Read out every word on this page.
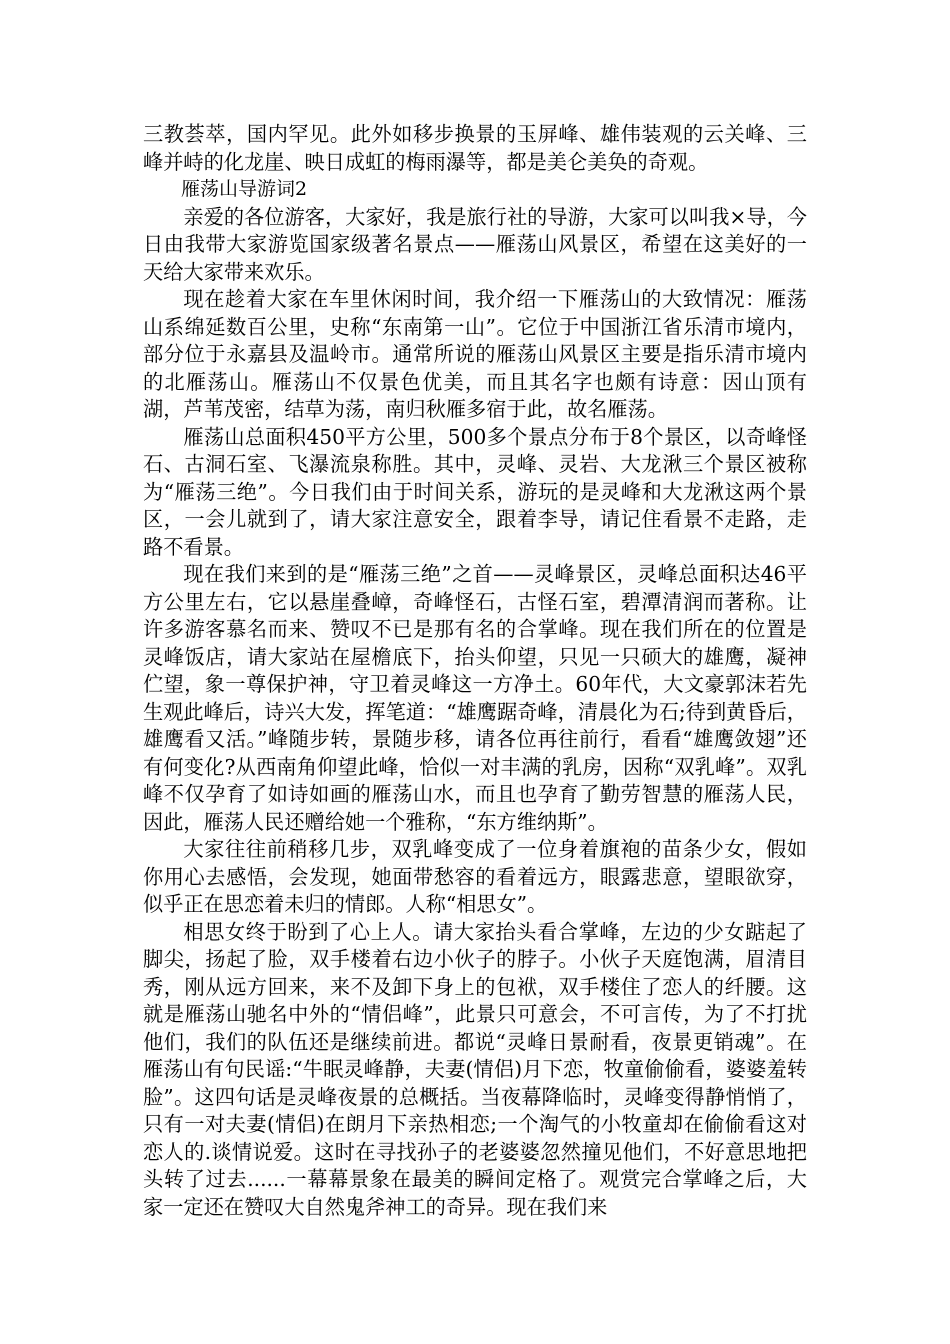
三教荟萃，国内罕见。此外如移步换景的玉屏峰、雄伟装观的云关峰、三峰并峙的化龙崖、映日成虹的梅雨瀑等，都是美仑美奂的奇观。

雁荡山导游词2

亲爱的各位游客，大家好，我是旅行社的导游，大家可以叫我×导，今日由我带大家游览国家级著名景点——雁荡山风景区，希望在这美好的一天给大家带来欢乐。

现在趁着大家在车里休闲时间，我介绍一下雁荡山的大致情况：雁荡山系绵延数百公里，史称“东南第一山”。它位于中国浙江省乐清市境内，部分位于永嘉县及温岭市。通常所说的雁荡山风景区主要是指乐清市境内的北雁荡山。雁荡山不仅景色优美，而且其名字也颇有诗意：因山顶有湖，芦苇茂密，结草为荡，南归秋雁多宿于此，故名雁荡。

雁荡山总面积450平方公里，500多个景点分布于8个景区，以奇峰怪石、古洞石室、飞瀑流泉称胜。其中，灵峰、灵岩、大龙湫三个景区被称为“雁荡三绝”。今日我们由于时间关系，游玩的是灵峰和大龙湫这两个景区，一会儿就到了，请大家注意安全，跟着李导，请记住看景不走路，走路不看景。

现在我们来到的是“雁荡三绝”之首——灵峰景区，灵峰总面积达46平方公里左右，它以悬崖叠嶂，奇峰怪石，古怪石室，碧潭清润而著称。让许多游客慕名而来、赞叹不已是那有名的合掌峰。现在我们所在的位置是灵峰饭店，请大家站在屋檐底下，抬头仰望，只见一只硕大的雄鹰，凝神伫望，象一尊保护神，守卫着灵峰这一方净土。60年代，大文豪郭沫若先生观此峰后，诗兴大发，挥笔道：“雄鹰踞奇峰，清晨化为石;待到黄昏后，雄鹰看又活。”峰随步转，景随步移，请各位再往前行，看看“雄鹰敛翅”还有何变化?从西南角仰望此峰，恰似一对丰满的乳房，因称“双乳峰”。双乳峰不仅孕育了如诗如画的雁荡山水，而且也孕育了勤劳智慧的雁荡人民，因此，雁荡人民还赠给她一个雅称，“东方维纳斯”。

大家往往前稍移几步，双乳峰变成了一位身着旗袍的苗条少女，假如你用心去感悟，会发现，她面带愁容的看着远方，眼露悲意，望眼欲穿，似乎正在思恋着未归的情郎。人称“相思女”。

相思女终于盼到了心上人。请大家抬头看合掌峰，左边的少女踮起了脚尖，扬起了脸，双手楼着右边小伙子的脖子。小伙子天庭饱满，眉清目秀，刚从远方回来，来不及卸下身上的包袱，双手楼住了恋人的纤腰。这就是雁荡山驰名中外的“情侣峰”，此景只可意会，不可言传，为了不打扰他们，我们的队伍还是继续前进。都说“灵峰日景耐看，夜景更销魂”。在雁荡山有句民谣:“牛眠灵峰静，夫妻(情侣)月下恋，牧童偷偷看，婆婆羞转脸”。这四句话是灵峰夜景的总概括。当夜幕降临时，灵峰变得静悄悄了，只有一对夫妻(情侣)在朗月下亲热相恋;一个淘气的小牧童却在偷偷看这对恋人的.谈情说爱。这时在寻找孙子的老婆婆忽然撞见他们，不好意思地把头转了过去......一幕幕景象在最美的瞬间定格了。观赏完合掌峰之后，大家一定还在赞叹大自然鬼斧神工的奇异。现在我们来
